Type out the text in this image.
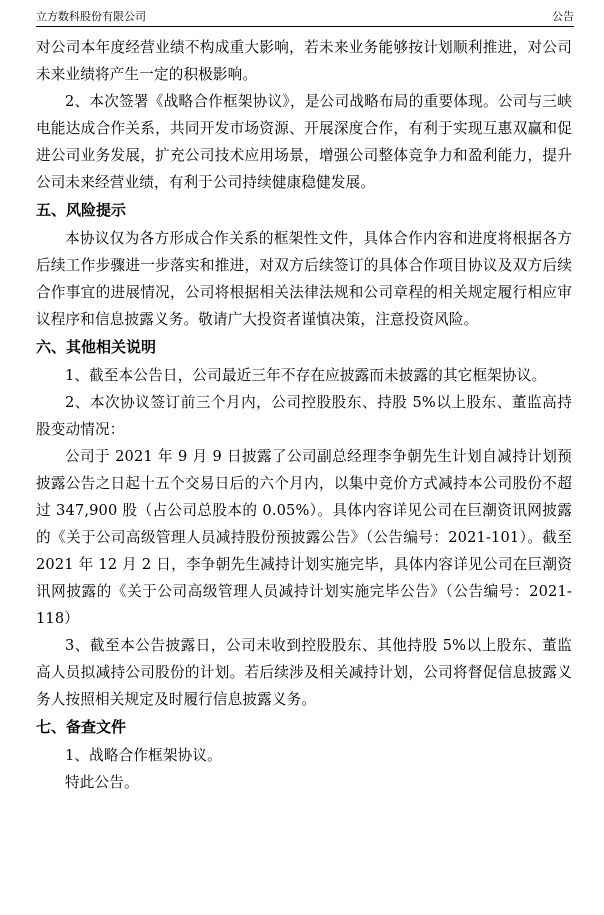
立方数科股份有限公司	公告

对公司本年度经营业绩不构成重大影响，若未来业务能够按计划顺利推进，对公司未来业绩将产生一定的积极影响。

2、本次签署《战略合作框架协议》，是公司战略布局的重要体现。公司与三峡电能达成合作关系，共同开发市场资源、开展深度合作，有利于实现互惠双赢和促进公司业务发展，扩充公司技术应用场景，增强公司整体竞争力和盈利能力，提升公司未来经营业绩，有利于公司持续健康稳健发展。

五、风险提示

本协议仅为各方形成合作关系的框架性文件，具体合作内容和进度将根据各方后续工作步骤进一步落实和推进，对双方后续签订的具体合作项目协议及双方后续合作事宜的进展情况，公司将根据相关法律法规和公司章程的相关规定履行相应审议程序和信息披露义务。敬请广大投资者谨慎决策，注意投资风险。

六、其他相关说明

1、截至本公告日，公司最近三年不存在应披露而未披露的其它框架协议。

2、本次协议签订前三个月内，公司控股股东、持股 5%以上股东、董监高持股变动情况：

公司于 2021 年 9 月 9 日披露了公司副总经理李争朝先生计划自减持计划预披露公告之日起十五个交易日后的六个月内，以集中竞价方式减持本公司股份不超过 347,900 股（占公司总股本的 0.05%）。具体内容详见公司在巨潮资讯网披露的《关于公司高级管理人员减持股份预披露公告》（公告编号：2021-101）。截至 2021 年 12 月 2 日，李争朝先生减持计划实施完毕，具体内容详见公司在巨潮资讯网披露的《关于公司高级管理人员减持计划实施完毕公告》（公告编号：2021-118）

3、截至本公告披露日，公司未收到控股股东、其他持股 5%以上股东、董监高人员拟减持公司股份的计划。若后续涉及相关减持计划，公司将督促信息披露义务人按照相关规定及时履行信息披露义务。

七、备查文件

1、战略合作框架协议。

特此公告。
